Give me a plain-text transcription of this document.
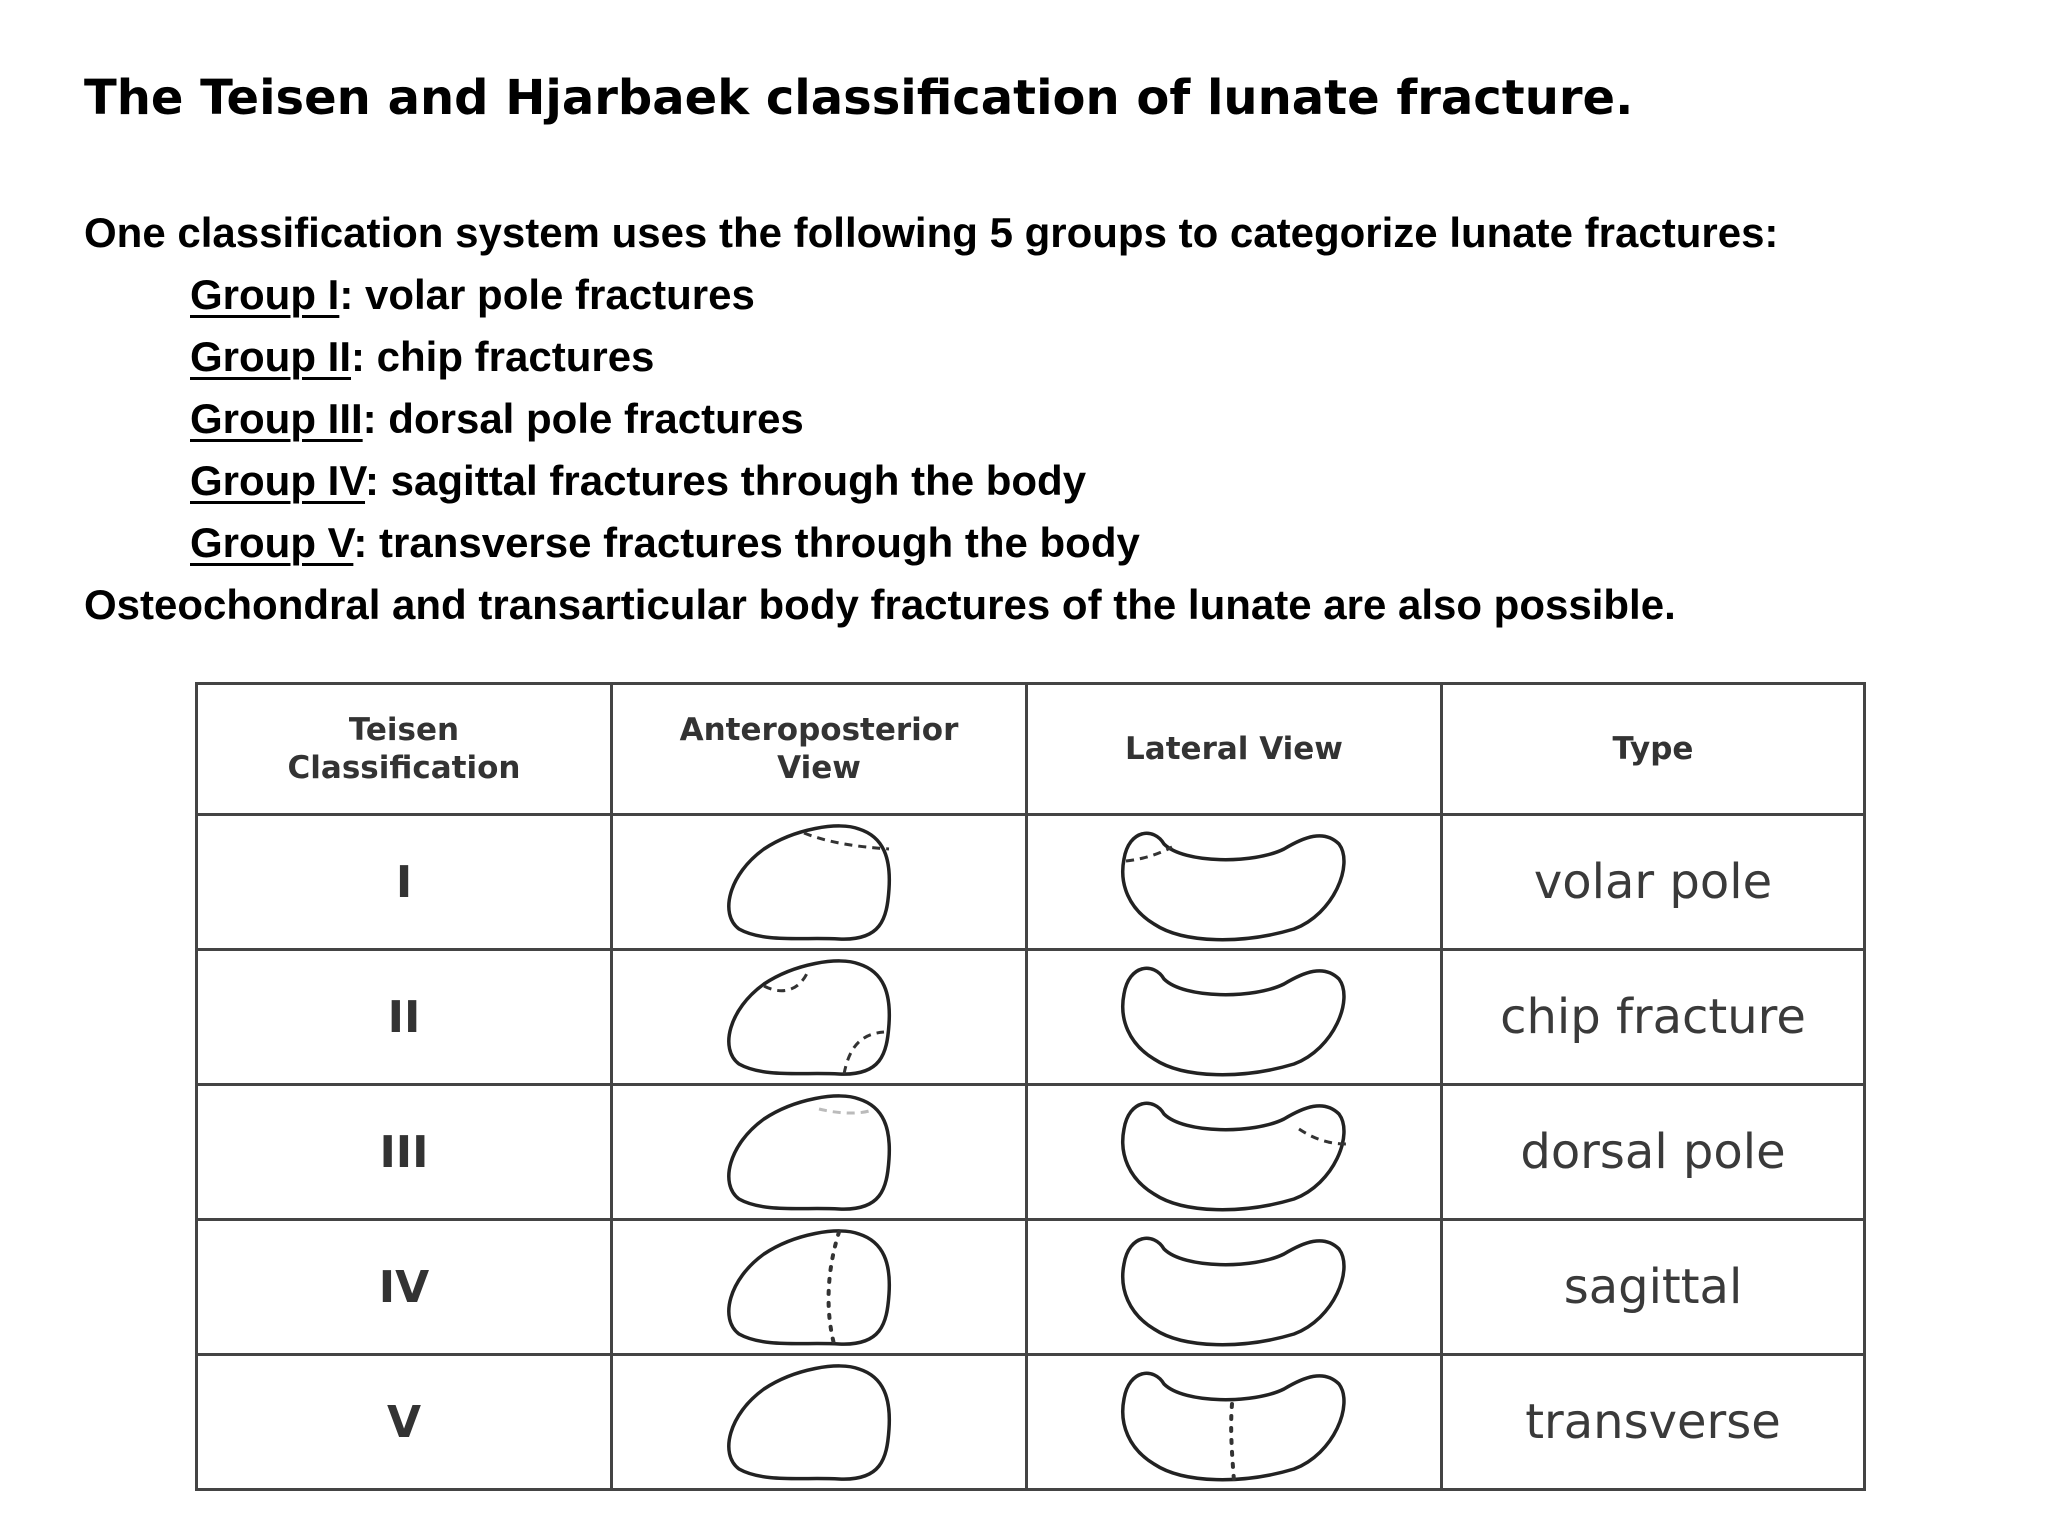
The Teisen and Hjarbaek classification of lunate fracture.
One classification system uses the following 5 groups to categorize lunate fractures:
Group I: volar pole fractures
Group II: chip fractures
Group III: dorsal pole fractures
Group IV: sagittal fractures through the body
Group V: transverse fractures through the body
Osteochondral and transarticular body fractures of the lunate are also possible.
Teisen Classification	Anteroposterior View	Lateral View	Type
I			volar pole
II			chip fracture
III			dorsal pole
IV			sagittal
V			transverse
